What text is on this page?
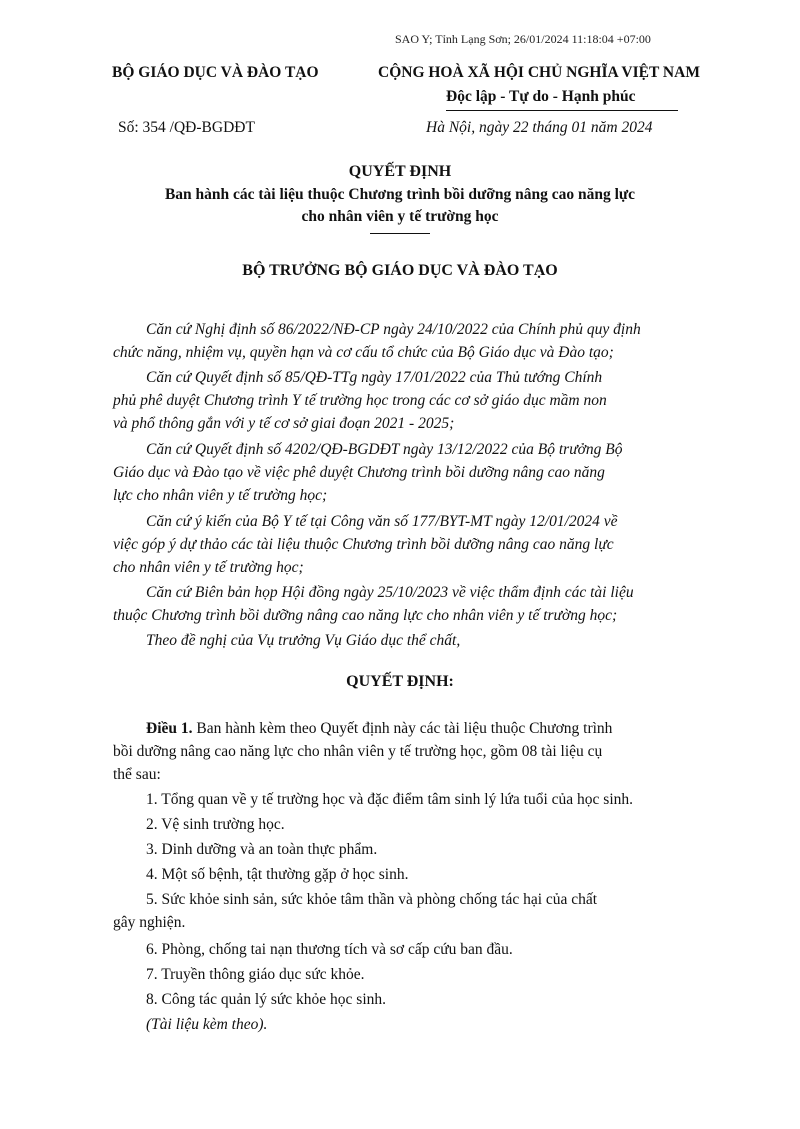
SAO Y; Tỉnh Lạng Sơn; 26/01/2024 11:18:04 +07:00
BỘ GIÁO DỤC VÀ ĐÀO TẠO	CỘNG HOÀ XÃ HỘI CHỦ NGHĨA VIỆT NAM
Độc lập - Tự do - Hạnh phúc
Số: 354 /QĐ-BGDĐT	Hà Nội, ngày 22 tháng 01 năm 2024
QUYẾT ĐỊNH
Ban hành các tài liệu thuộc Chương trình bồi dưỡng nâng cao năng lực
cho nhân viên y tế trường học
BỘ TRƯỞNG BỘ GIÁO DỤC VÀ ĐÀO TẠO
Căn cứ Nghị định số 86/2022/NĐ-CP ngày 24/10/2022 của Chính phủ quy định
chức năng, nhiệm vụ, quyền hạn và cơ cấu tổ chức của Bộ Giáo dục và Đào tạo;
Căn cứ Quyết định số 85/QĐ-TTg ngày 17/01/2022 của Thủ tướng Chính
phủ phê duyệt Chương trình Y tế trường học trong các cơ sở giáo dục mầm non
và phổ thông gắn với y tế cơ sở giai đoạn 2021 - 2025;
Căn cứ Quyết định số 4202/QĐ-BGDĐT ngày 13/12/2022 của Bộ trưởng Bộ
Giáo dục và Đào tạo về việc phê duyệt Chương trình bồi dưỡng nâng cao năng
lực cho nhân viên y tế trường học;
Căn cứ ý kiến của Bộ Y tế tại Công văn số 177/BYT-MT ngày 12/01/2024 về
việc góp ý dự thảo các tài liệu thuộc Chương trình bồi dưỡng nâng cao năng lực
cho nhân viên y tế trường học;
Căn cứ Biên bản họp Hội đồng ngày 25/10/2023 về việc thẩm định các tài liệu
thuộc Chương trình bồi dưỡng nâng cao năng lực cho nhân viên y tế trường học;
Theo đề nghị của Vụ trưởng Vụ Giáo dục thể chất,
QUYẾT ĐỊNH:
Điều 1. Ban hành kèm theo Quyết định này các tài liệu thuộc Chương trình
bồi dưỡng nâng cao năng lực cho nhân viên y tế trường học, gồm 08 tài liệu cụ
thể sau:
1. Tổng quan về y tế trường học và đặc điểm tâm sinh lý lứa tuổi của học sinh.
2. Vệ sinh trường học.
3. Dinh dưỡng và an toàn thực phẩm.
4. Một số bệnh, tật thường gặp ở học sinh.
5. Sức khỏe sinh sản, sức khỏe tâm thần và phòng chống tác hại của chất
gây nghiện.
6. Phòng, chống tai nạn thương tích và sơ cấp cứu ban đầu.
7. Truyền thông giáo dục sức khỏe.
8. Công tác quản lý sức khỏe học sinh.
(Tài liệu kèm theo).
